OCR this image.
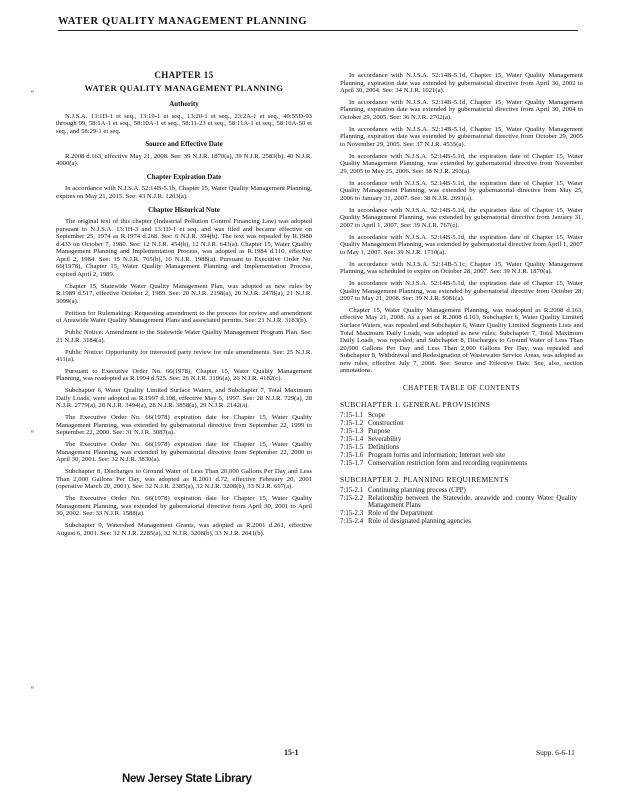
WATER QUALITY MANAGEMENT PLANNING
⁌
⁌
⁌
CHAPTER 15
WATER QUALITY MANAGEMENT PLANNING
Authority

N.J.S.A. 13:1D-1 et seq., 13:19-1 et seq., 13:20-1 et seq., 23:2A-1 et seq., 40:55D-93 through 99, 58:1A-1 et seq., 58:10A-1 et seq., 58:11-23 et seq., 58:11A-1 et seq., 58:16A-50 et seq., and 58:29-1 et seq.

Source and Effective Date

R.2008 d.163, effective May 21, 2008. See: 39 N.J.R. 1870(a), 39 N.J.R. 2583(b), 40 N.J.R. 4000(a).

Chapter Expiration Date

In accordance with N.J.S.A. 52:14B-5.1b, Chapter 15, Water Quality Management Planning, expires on May 21, 2015. See: 43 N.J.R. 1203(a).

Chapter Historical Note

The original text of this chapter (Industrial Pollution Control Financing Law) was adopted pursuant to N.J.S.A. 13:1H-3 and 13:1D-1 et seq. and was filed and became effective on September 25, 1974 as R.1974 d.268. See: 6 N.J.R. 394(b). The text was repealed by R.1980 d.433 on October 7, 1980. See: 12 N.J.R. 454(b), 12 N.J.R. 643(a). Chapter 15, Water Quality Management Planning and Implementation Process, was adopted as R.1984 d.110, effective April 2, 1984. See: 15 N.J.R. 765(b), 16 N.J.R. 1988(a). Pursuant to Executive Order No. 66(1978), Chapter 15, Water Quality Management Planning and Implementation Process, expired April 2, 1989.

Chapter 15, Statewide Water Quality Management Plan, was adopted as new rules by R.1989 d.517, effective October 2, 1989. See: 20 N.J.R. 2198(a), 20 N.J.R. 2478(a), 21 N.J.R. 3099(a).

Petition for Rulemaking: Requesting amendment to the process for review and amendment of Areawide Water Quality Management Plans and associated permits. See: 21 N.J.R. 3183(b).

Public Notice: Amendment to the Statewide Water Quality Management Program Plan. See: 21 N.J.R. 3184(a).

Public Notice: Opportunity for interested party review for rule amendments. See: 25 N.J.R. 411(a).

Pursuant to Executive Order No. 66(1978), Chapter 15, Water Quality Management Planning, was readopted as R.1994 d.525. See: 26 N.J.R. 3106(a), 26 N.J.R. 4182(c).

Subchapter 6, Water Quality Limited Surface Waters, and Subchapter 7, Total Maximum Daily Loads, were adopted as R.1997 d.108, effective May 5, 1997. See: 28 N.J.R. 729(a), 28 N.J.R. 2779(a), 28 N.J.R. 3494(a), 28 N.J.R. 3858(a), 29 N.J.R. 2142(a).

The Executive Order No. 66(1978) expiration date for Chapter 15, Water Quality Management Planning, was extended by gubernatorial directive from September 22, 1999 to September 22, 2000. See: 31 N.J.R. 3087(a).

The Executive Order No. 66(1978) expiration date for Chapter 15, Water Quality Management Planning, was extended by gubernatorial directive from September 22, 2000 to April 30, 2001. See: 32 N.J.R. 3830(a).

Subchapter 8, Discharges to Ground Water of Less Than 20,000 Gallons Per Day and Less Than 2,000 Gallons Per Day, was adopted as R.2001 d.72, effective February 20, 2001 (operative March 20, 2001). See: 32 N.J.R. 2385(a), 32 N.J.R. 3208(b), 33 N.J.R. 697(a).

The Executive Order No. 66(1978) expiration date for Chapter 15, Water Quality Management Planning, was extended by gubernatorial directive from April 30, 2001 to April 30, 2002. See: 33 N.J.R. 1588(a).

Subchapter 9, Watershed Management Grants, was adopted as R.2001 d.261, effective August 6, 2001. See: 32 N.J.R. 2285(a), 32 N.J.R. 3208(b), 33 N.J.R. 2641(b).

In accordance with N.J.S.A. 52:14B-5.1d, Chapter 15, Water Quality Management Planning, expiration date was extended by gubernatorial directive from April 30, 2002 to April 30, 2004. See: 34 N.J.R. 1021(a).

In accordance with N.J.S.A. 52:14B-5.1d, Chapter 15, Water Quality Management Planning, expiration date was extended by gubernatorial directive from April 30, 2004 to October 29, 2005. See: 36 N.J.R. 2762(a).

In accordance with N.J.S.A. 52:14B-5.1d, Chapter 15, Water Quality Management Planning, expiration date was extended by gubernatorial directive from October 29, 2005 to November 29, 2005. See: 37 N.J.R. 4535(a).

In accordance with N.J.S.A. 52:14B-5.1d, the expiration date of Chapter 15, Water Quality Management Planning, was extended by gubernatorial directive from November 29, 2005 to May 25, 2006. See: 38 N.J.R. 293(a).

In accordance with N.J.S.A. 52:14B-5.1d, the expiration date of Chapter 15, Water Quality Management Planning, was extended by gubernatorial directive from May 25, 2006 to January 31, 2007. See: 38 N.J.R. 2691(a).

In accordance with N.J.S.A. 52:14B-5.1d, the expiration date of Chapter 15, Water Quality Management Planning, was extended by gubernatorial directive from January 31, 2007 to April 1, 2007. See: 39 N.J.R. 767(c).

In accordance with N.J.S.A. 52:14B-5.1d, the expiration date of Chapter 15, Water Quality Management Planning, was extended by gubernatorial directive from April 1, 2007 to May 1, 2007. See: 39 N.J.R. 1710(a).

In accordance with N.J.S.A. 52:14B-5.1c, Chapter 15, Water Quality Management Planning, was scheduled to expire on October 28, 2007. See: 39 N.J.R. 1870(a).

In accordance with N.J.S.A. 52:14B-5.1d, the expiration date of Chapter 15, Water Quality Management Planning, was extended by gubernatorial directive from October 28, 2007 to May 21, 2008. See: 39 N.J.R. 5081(a).

Chapter 15, Water Quality Management Planning, was readopted as R.2008 d.163, effective May 21, 2008. As a part of R.2008 d.163, Subchapter 6, Water Quality Limited Surface Waters, was repealed and Subchapter 6, Water Quality Limited Segments Lists and Total Maximum Daily Loads, was adopted as new rules; Subchapter 7, Total Maximum Daily Loads, was repealed; and Subchapter 8, Discharges to Ground Water of Less Than 20,000 Gallons Per Day and Less Than 2,000 Gallons Per Day, was repealed and Subchapter 8, Withdrawal and Redesignation of Wastewater Service Areas, was adopted as new rules, effective July 7, 2008. See: Source and Effective Date. See, also, section annotations.

CHAPTER TABLE OF CONTENTS
SUBCHAPTER 1. GENERAL PROVISIONS
7:15-1.1 Scope
7:15-1.2 Construction
7:15-1.3 Purpose
7:15-1.4 Severability
7:15-1.5 Definitions
7:15-1.6 Program forms and information; Internet web site
7:15-1.7 Conservation restriction form and recording requirements
SUBCHAPTER 2. PLANNING REQUIREMENTS
7:15-2.1 Continuing planning process (CPP)
7:15-2.2 Relationship between the Statewide, areawide and county Water Quality Management Plans
7:15-2.3 Role of the Department
7:15-2.4 Role of designated planning agencies
15-1	Supp. 6-6-11
New Jersey State Library
